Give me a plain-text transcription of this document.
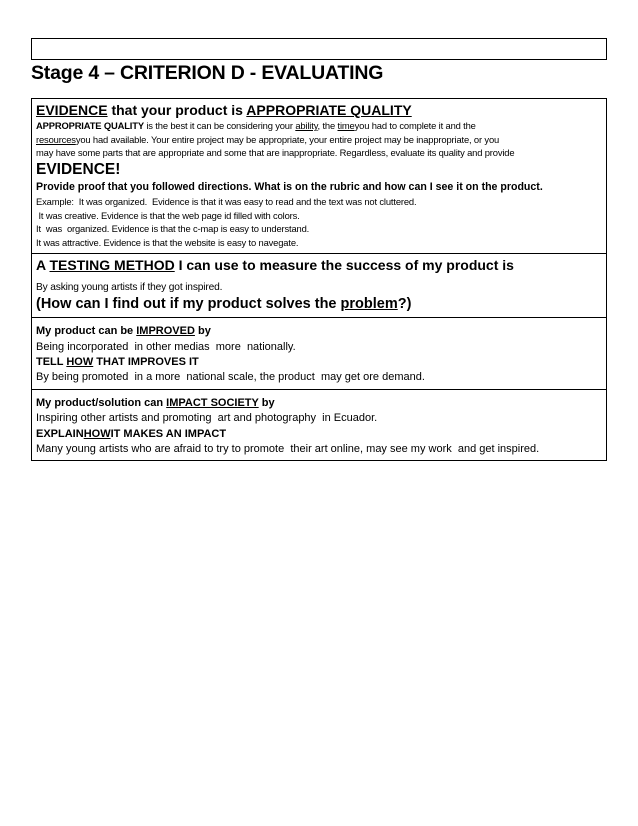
Stage 4 – CRITERION D - EVALUATING
EVIDENCE that your product is APPROPRIATE QUALITY
APPROPRIATE QUALITY is the best it can be considering your ability, the timeyou had to complete it and the
resourcesyou had available. Your entire project may be appropriate, your entire project may be inappropriate, or you
may have some parts that are appropriate and some that are inappropriate. Regardless, evaluate its quality and provide
EVIDENCE!
Provide proof that you followed directions. What is on the rubric and how can I see it on the product.
Example:  It was organized.  Evidence is that it was easy to read and the text was not cluttered.
It was creative. Evidence is that the web page id filled with colors.
It  was  organized. Evidence is that the c-map is easy to understand.
It was attractive. Evidence is that the website is easy to navegate.
A TESTING METHOD I can use to measure the success of my product is
By asking young artists if they got inspired.
(How can I find out if my product solves the problem?)
My product can be IMPROVED by
Being incorporated  in other medias  more  nationally.
TELL HOW THAT IMPROVES IT
By being promoted  in a more  national scale, the product  may get ore demand.
My product/solution can IMPACT SOCIETY by
Inspiring other artists and promoting  art and photography  in Ecuador.
EXPLAINHOWIT MAKES AN IMPACT
Many young artists who are afraid to try to promote  their art online, may see my work  and get inspired.
